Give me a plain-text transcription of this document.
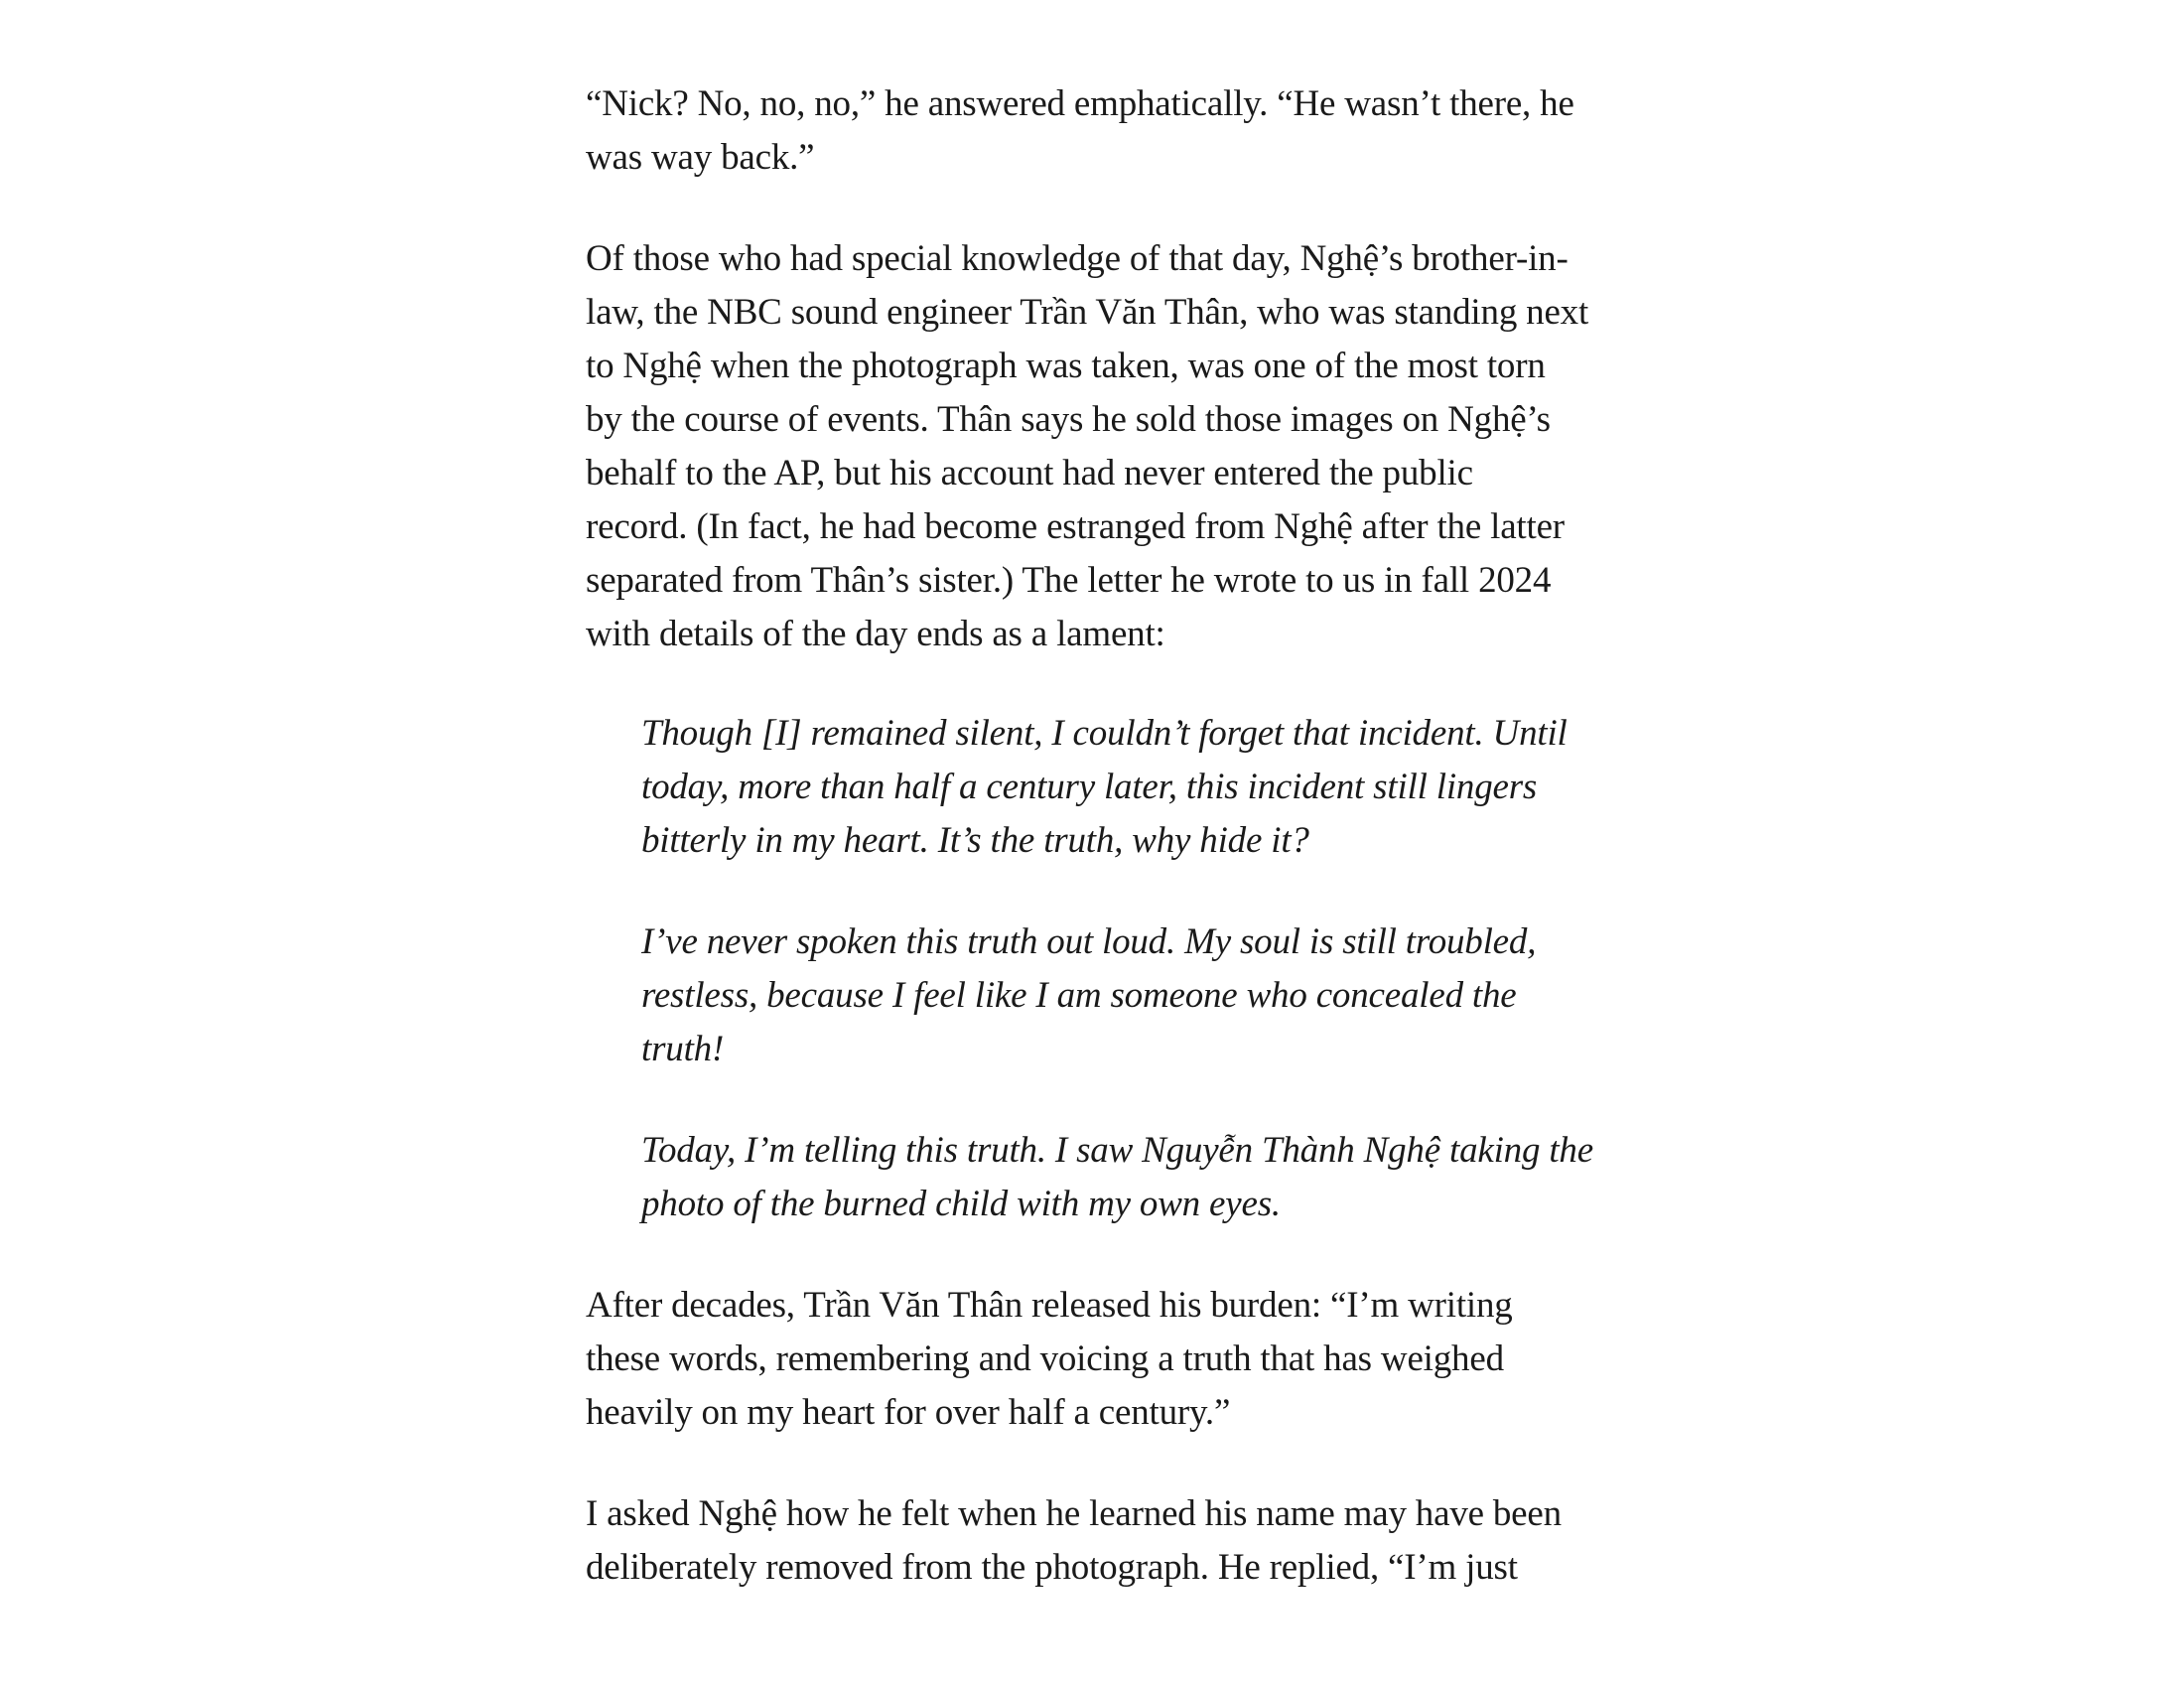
“Nick? No, no, no,” he answered emphatically. “He wasn’t there, he
was way back.”
Of those who had special knowledge of that day, Nghệ’s brother-in-
law, the NBC sound engineer Trần Văn Thân, who was standing next
to Nghệ when the photograph was taken, was one of the most torn
by the course of events. Thân says he sold those images on Nghệ’s
behalf to the AP, but his account had never entered the public
record. (In fact, he had become estranged from Nghệ after the latter
separated from Thân’s sister.) The letter he wrote to us in fall 2024
with details of the day ends as a lament:
Though [I] remained silent, I couldn’t forget that incident. Until
today, more than half a century later, this incident still lingers
bitterly in my heart. It’s the truth, why hide it?
I’ve never spoken this truth out loud. My soul is still troubled,
restless, because I feel like I am someone who concealed the
truth!
Today, I’m telling this truth. I saw Nguyễn Thành Nghệ taking the
photo of the burned child with my own eyes.
After decades, Trần Văn Thân released his burden: “I’m writing
these words, remembering and voicing a truth that has weighed
heavily on my heart for over half a century.”
I asked Nghệ how he felt when he learned his name may have been
deliberately removed from the photograph. He replied, “I’m just
